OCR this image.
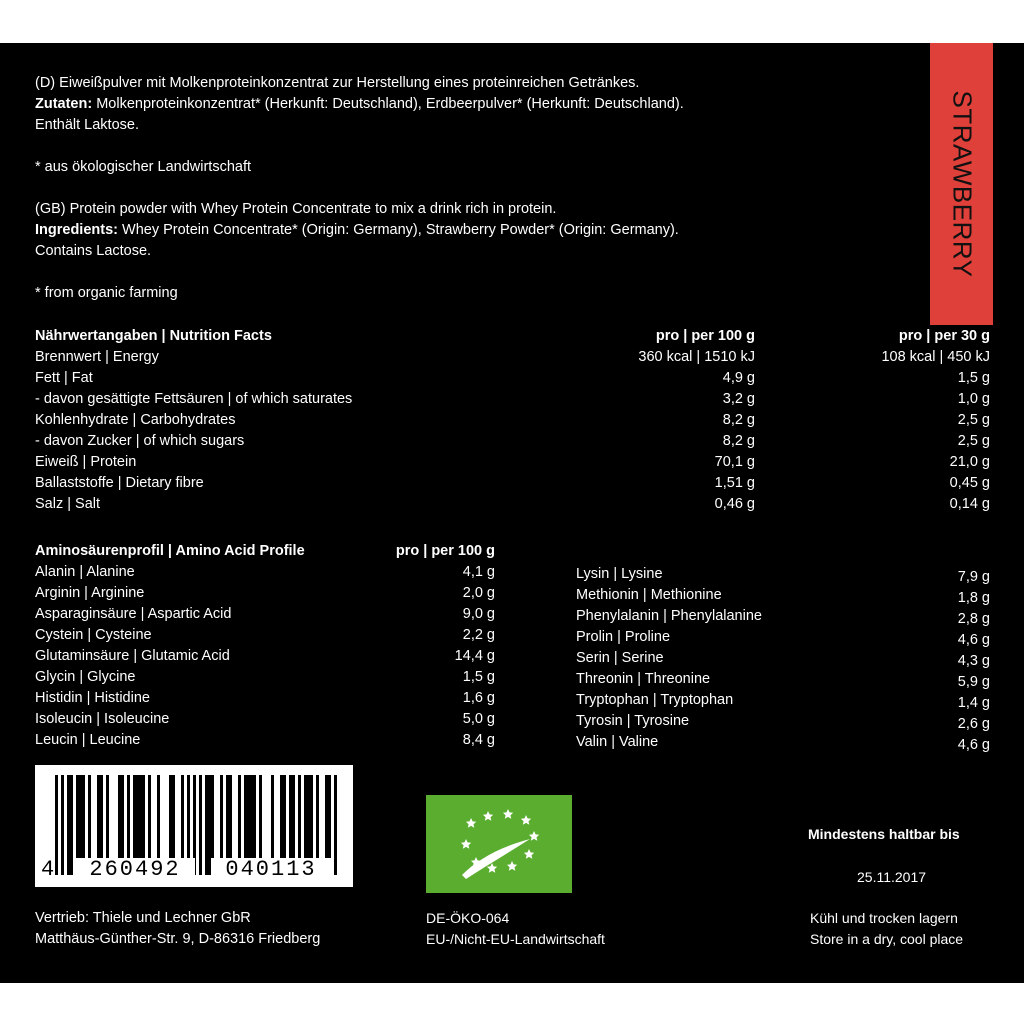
STRAWBERRY
(D) Eiweißpulver mit Molkenproteinkonzentrat zur Herstellung eines proteinreichen Getränkes.
Zutaten: Molkenproteinkonzentrat* (Herkunft: Deutschland), Erdbeerpulver* (Herkunft: Deutschland).
Enthält Laktose.
* aus ökologischer Landwirtschaft
(GB) Protein powder with Whey Protein Concentrate to mix a drink rich in protein.
Ingredients: Whey Protein Concentrate* (Origin: Germany), Strawberry Powder* (Origin: Germany).
Contains Lactose.
* from organic farming
Nährwertangaben | Nutrition Facts	pro | per 100 g	pro | per 30 g
Brennwert | Energy	360 kcal | 1510 kJ	108 kcal | 450 kJ
Fett | Fat	4,9 g	1,5 g
- davon gesättigte Fettsäuren | of which saturates	3,2 g	1,0 g
Kohlenhydrate | Carbohydrates	8,2 g	2,5 g
- davon Zucker | of which sugars	8,2 g	2,5 g
Eiweiß | Protein	70,1 g	21,0 g
Ballaststoffe | Dietary fibre	1,51 g	0,45 g
Salz | Salt	0,46 g	0,14 g
Aminosäurenprofil | Amino Acid Profile	pro | per 100 g
Alanin | Alanine	4,1 g
Arginin | Arginine	2,0 g
Asparaginsäure | Aspartic Acid	9,0 g
Cystein | Cysteine	2,2 g
Glutaminsäure | Glutamic Acid	14,4 g
Glycin | Glycine	1,5 g
Histidin | Histidine	1,6 g
Isoleucin | Isoleucine	5,0 g
Leucin | Leucine	8,4 g
Lysin | Lysine	7,9 g
Methionin | Methionine	1,8 g
Phenylalanin | Phenylalanine	2,8 g
Prolin | Proline	4,6 g
Serin | Serine	4,3 g
Threonin | Threonine	5,9 g
Tryptophan | Tryptophan	1,4 g
Tyrosin | Tyrosine	2,6 g
Valin | Valine	4,6 g
4	260492	040113
Mindestens haltbar bis
25.11.2017
Vertrieb: Thiele und Lechner GbR
Matthäus-Günther-Str. 9, D-86316 Friedberg
DE-ÖKO-064
EU-/Nicht-EU-Landwirtschaft
Kühl und trocken lagern
Store in a dry, cool place
